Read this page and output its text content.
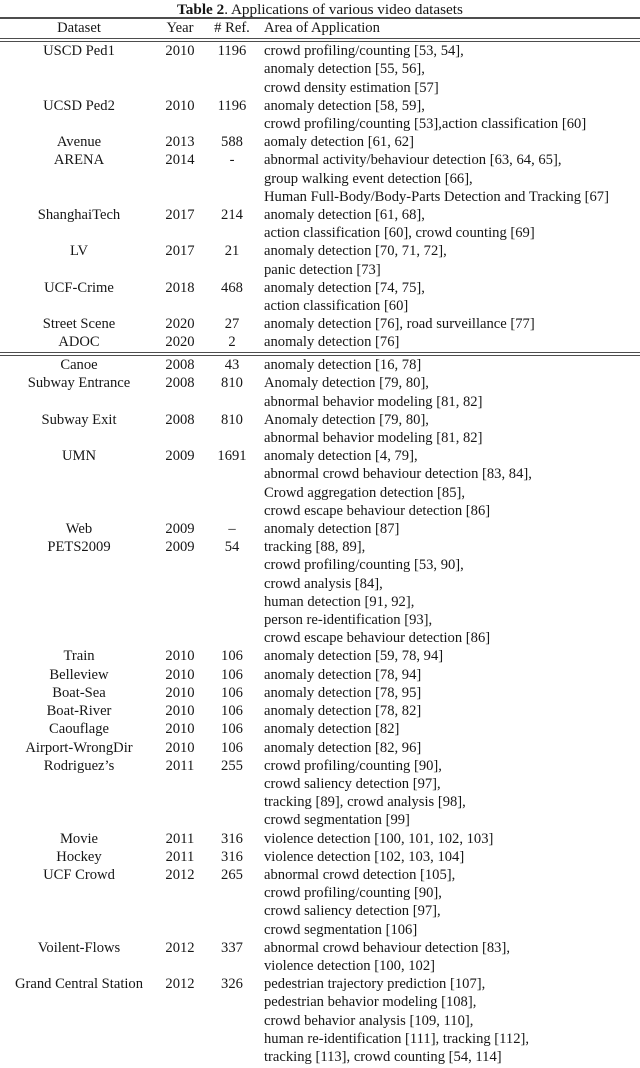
Table 2. Applications of various video datasets
Dataset	Year	# Ref. Area of Application
USCD Ped1	2010	1196	crowd profiling/counting [53, 54],
anomaly detection [55, 56],
crowd density estimation [57]
UCSD Ped2	2010	1196	anomaly detection [58, 59],
crowd profiling/counting [53],action classification [60]
Avenue	2013	588	aomaly detection [61, 62]
ARENA	2014	-	abnormal activity/behaviour detection [63, 64, 65],
group walking event detection [66],
Human Full-Body/Body-Parts Detection and Tracking [67]
ShanghaiTech	2017	214	anomaly detection [61, 68],
action classification [60], crowd counting [69]
LV	2017	21	anomaly detection [70, 71, 72],
panic detection [73]
UCF-Crime	2018	468	anomaly detection [74, 75],
action classification [60]
Street Scene	2020	27	anomaly detection [76], road surveillance [77]
ADOC	2020	2	anomaly detection [76]
Canoe	2008	43	anomaly detection [16, 78]
Subway Entrance	2008	810	Anomaly detection [79, 80],
abnormal behavior modeling [81, 82]
Subway Exit	2008	810	Anomaly detection [79, 80],
abnormal behavior modeling [81, 82]
UMN	2009	1691	anomaly detection [4, 79],
abnormal crowd behaviour detection [83, 84],
Crowd aggregation detection [85],
crowd escape behaviour detection [86]
Web	2009	–	anomaly detection [87]
PETS2009	2009	54	tracking [88, 89],
crowd profiling/counting [53, 90],
crowd analysis [84],
human detection [91, 92],
person re-identification [93],
crowd escape behaviour detection [86]
Train	2010	106	anomaly detection [59, 78, 94]
Belleview	2010	106	anomaly detection [78, 94]
Boat-Sea	2010	106	anomaly detection [78, 95]
Boat-River	2010	106	anomaly detection [78, 82]
Caouflage	2010	106	anomaly detection [82]
Airport-WrongDir	2010	106	anomaly detection [82, 96]
Rodriguez’s	2011	255	crowd profiling/counting [90],
crowd saliency detection [97],
tracking [89], crowd analysis [98],
crowd segmentation [99]
Movie	2011	316	violence detection [100, 101, 102, 103]
Hockey	2011	316	violence detection [102, 103, 104]
UCF Crowd	2012	265	abnormal crowd detection [105],
crowd profiling/counting [90],
crowd saliency detection [97],
crowd segmentation [106]
Voilent-Flows	2012	337	abnormal crowd behaviour detection [83],
violence detection [100, 102]
Grand Central Station	2012	326	pedestrian trajectory prediction [107],
pedestrian behavior modeling [108],
crowd behavior analysis [109, 110],
human re-identification [111], tracking [112],
tracking [113], crowd counting [54, 114]
